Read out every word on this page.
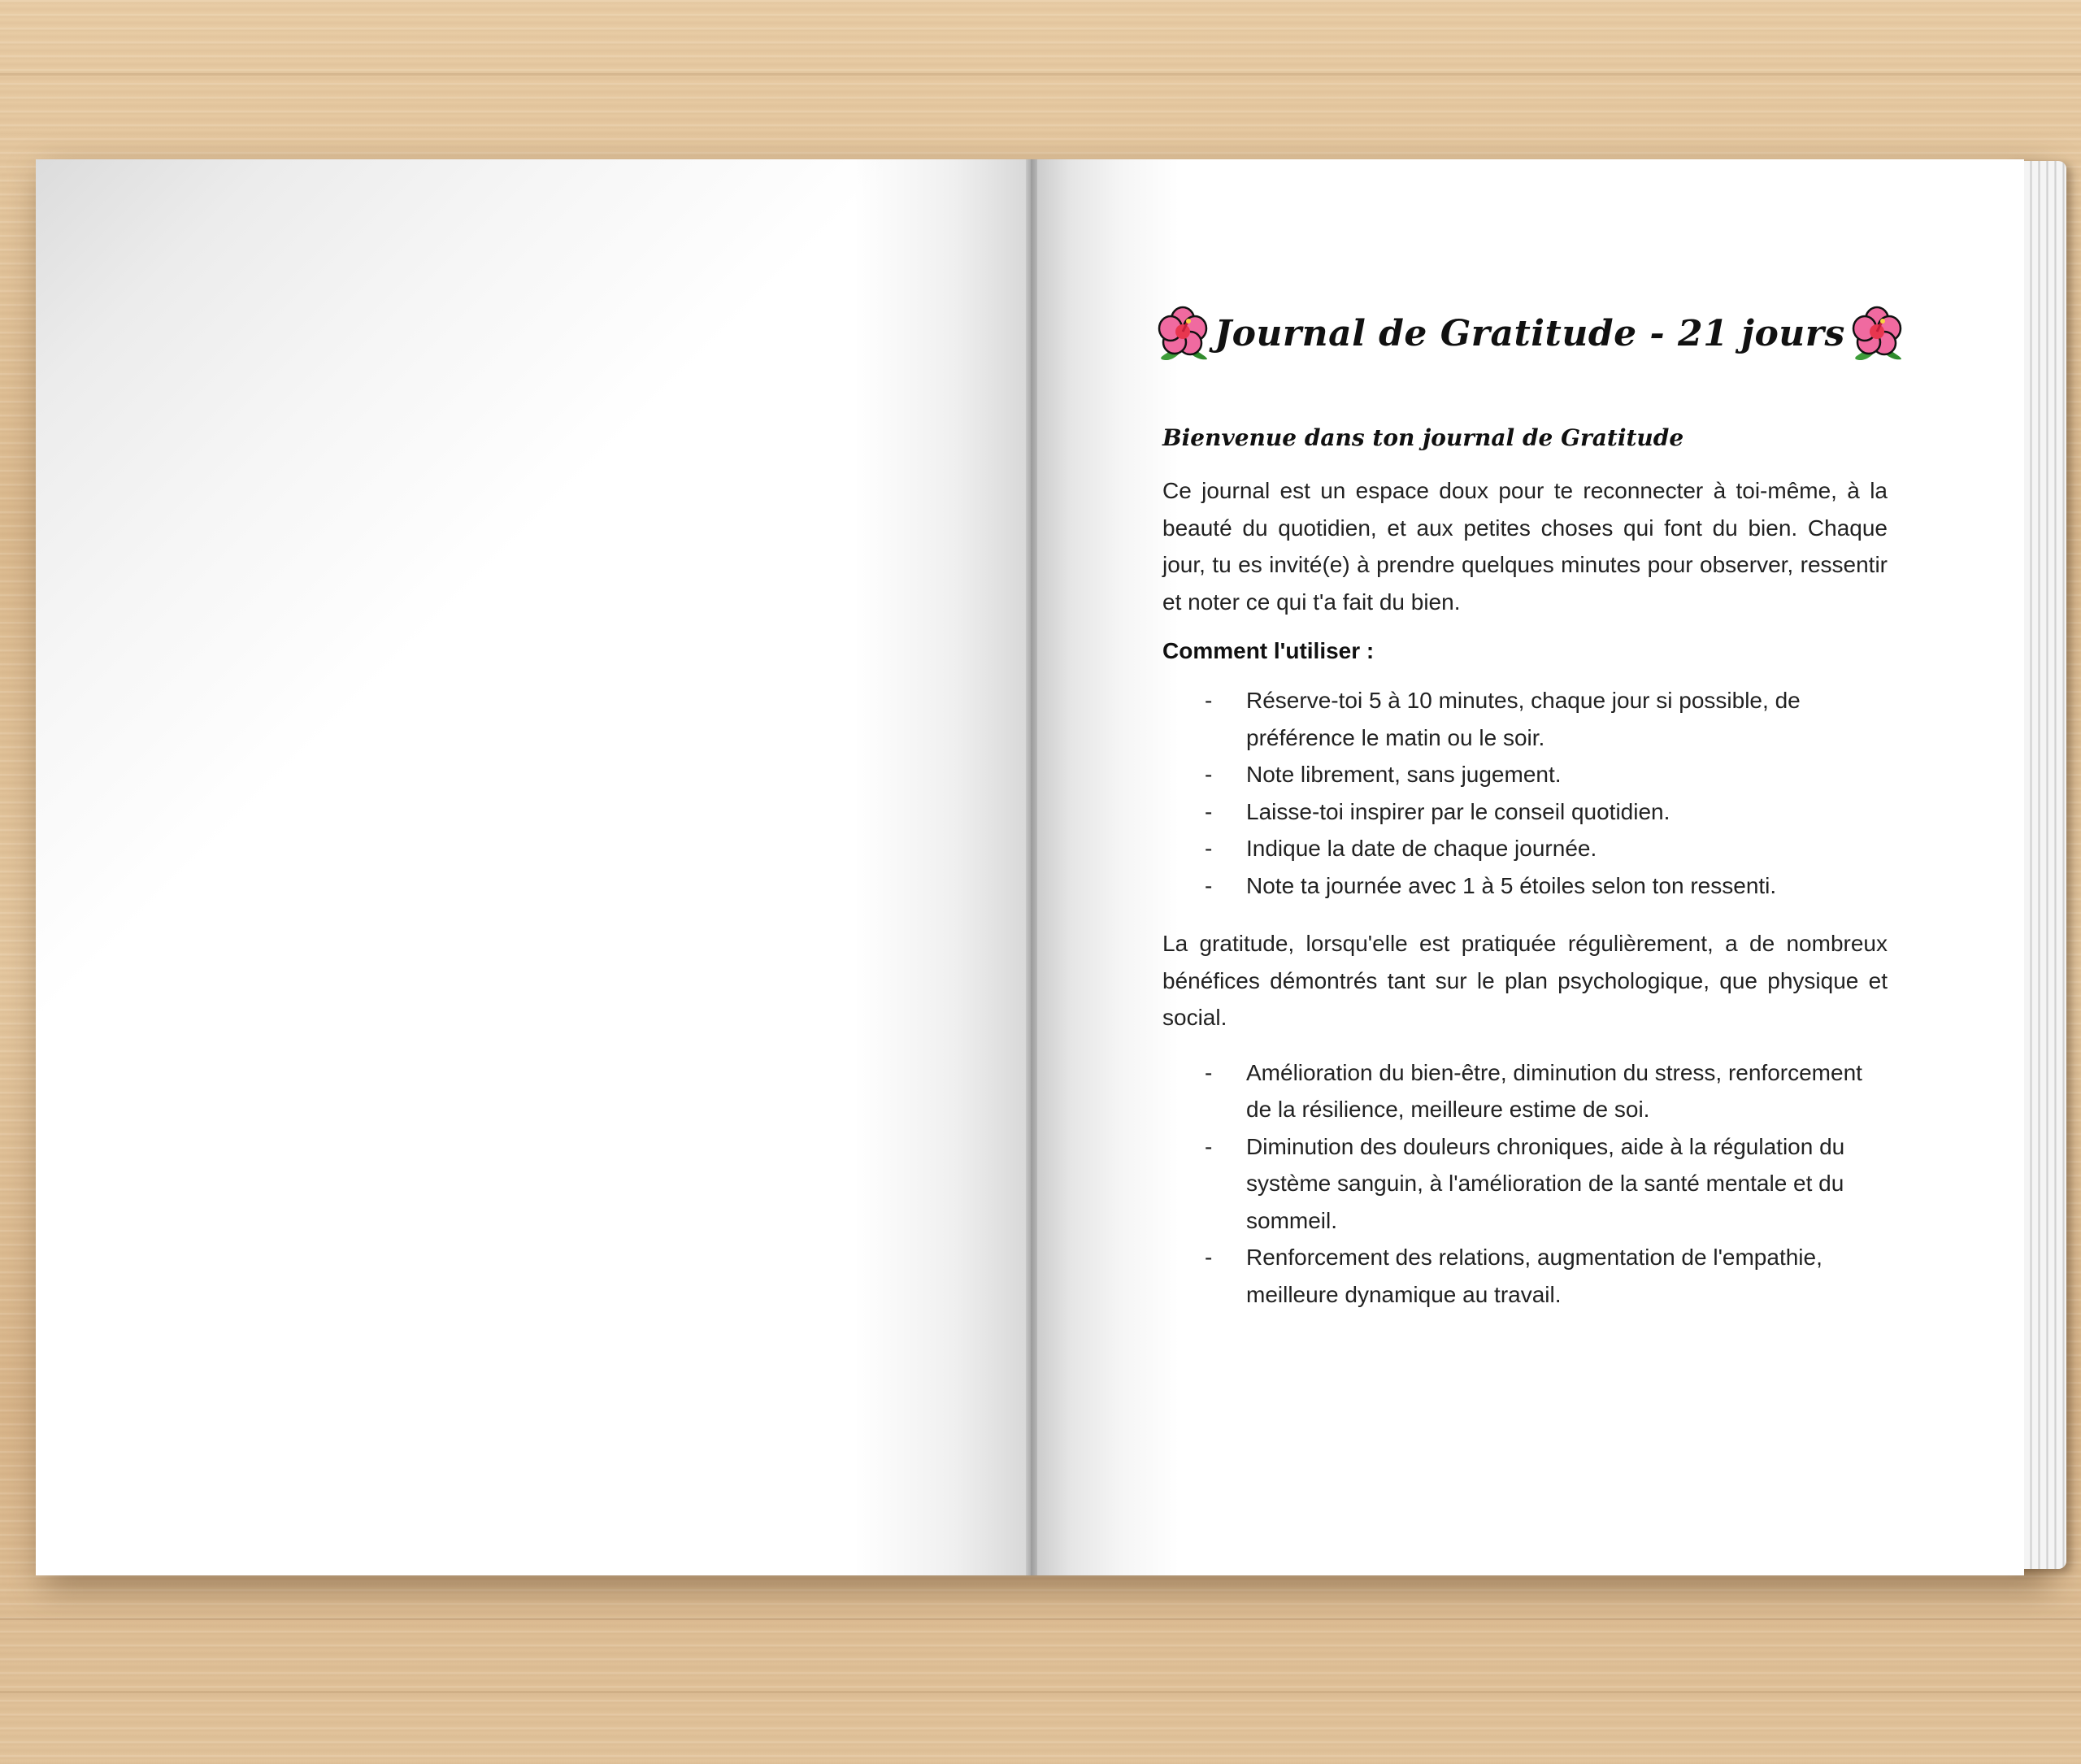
Journal de Gratitude - 21 jours
Bienvenue dans ton journal de Gratitude

Ce journal est un espace doux pour te reconnecter à toi-même, à la beauté du quotidien, et aux petites choses qui font du bien. Chaque jour, tu es invité(e) à prendre quelques minutes pour observer, ressentir et noter ce qui t'a fait du bien.

Comment l'utiliser :
- Réserve-toi 5 à 10 minutes, chaque jour si possible, de préférence le matin ou le soir.
- Note librement, sans jugement.
- Laisse-toi inspirer par le conseil quotidien.
- Indique la date de chaque journée.
- Note ta journée avec 1 à 5 étoiles selon ton ressenti.

La gratitude, lorsqu'elle est pratiquée régulièrement, a de nombreux bénéfices démontrés tant sur le plan psychologique, que physique et social.

- Amélioration du bien-être, diminution du stress, renforcement de la résilience, meilleure estime de soi.
- Diminution des douleurs chroniques, aide à la régulation du système sanguin, à l'amélioration de la santé mentale et du sommeil.
- Renforcement des relations, augmentation de l'empathie, meilleure dynamique au travail.
